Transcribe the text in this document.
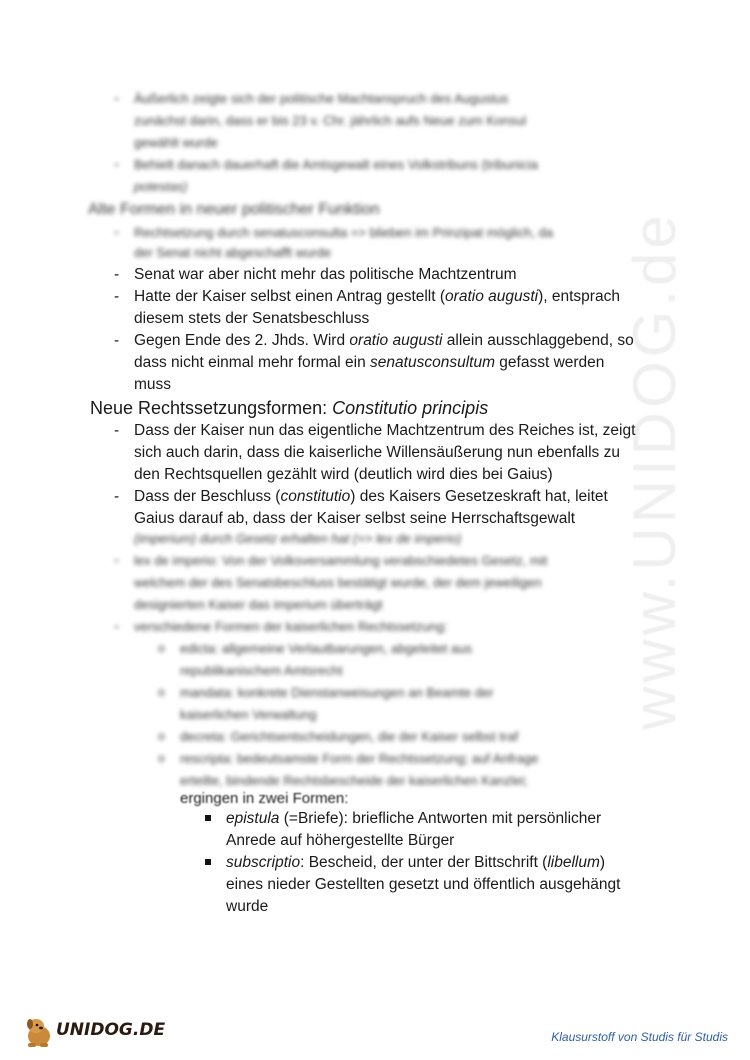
www.UNIDOG.de
- Äußerlich zeigte sich der politische Machtanspruch des Augustus
zunächst darin, dass er bis 23 v. Chr. jährlich aufs Neue zum Konsul
gewählt wurde
- Behielt danach dauerhaft die Amtsgewalt eines Volkstribuns (tribunicia
potestas)
Alte Formen in neuer politischer Funktion
- Rechtsetzung durch senatusconsulta => blieben im Prinzipat möglich, da
der Senat nicht abgeschafft wurde
- Senat war aber nicht mehr das politische Machtzentrum
- Hatte der Kaiser selbst einen Antrag gestellt (oratio augusti), entsprach
diesem stets der Senatsbeschluss
- Gegen Ende des 2. Jhds. Wird oratio augusti allein ausschlaggebend, so
dass nicht einmal mehr formal ein senatusconsultum gefasst werden
muss
Neue Rechtssetzungsformen: Constitutio principis
- Dass der Kaiser nun das eigentliche Machtzentrum des Reiches ist, zeigt
sich auch darin, dass die kaiserliche Willensäußerung nun ebenfalls zu
den Rechtsquellen gezählt wird (deutlich wird dies bei Gaius)
- Dass der Beschluss (constitutio) des Kaisers Gesetzeskraft hat, leitet
Gaius darauf ab, dass der Kaiser selbst seine Herrschaftsgewalt
(imperium) durch Gesetz erhalten hat (=> lex de imperio)
- lex de imperio: Von der Volksversammlung verabschiedetes Gesetz, mit
welchem der des Senatsbeschluss bestätigt wurde, der dem jeweiligen
designierten Kaiser das imperium überträgt
- verschiedene Formen der kaiserlichen Rechtssetzung:
o edicta: allgemeine Verlautbarungen, abgeleitet aus
republikanischem Amtsrecht
o mandata: konkrete Dienstanweisungen an Beamte der
kaiserlichen Verwaltung
o decreta: Gerichtsentscheidungen, die der Kaiser selbst traf
o rescripta: bedeutsamste Form der Rechtssetzung; auf Anfrage
erteilte, bindende Rechtsbescheide der kaiserlichen Kanzlei;
ergingen in zwei Formen:
epistula (=Briefe): briefliche Antworten mit persönlicher
Anrede auf höhergestellte Bürger
subscriptio: Bescheid, der unter der Bittschrift (libellum)
eines nieder Gestellten gesetzt und öffentlich ausgehängt
wurde
UNIDOG.DE	Klausurstoff von Studis für Studis
